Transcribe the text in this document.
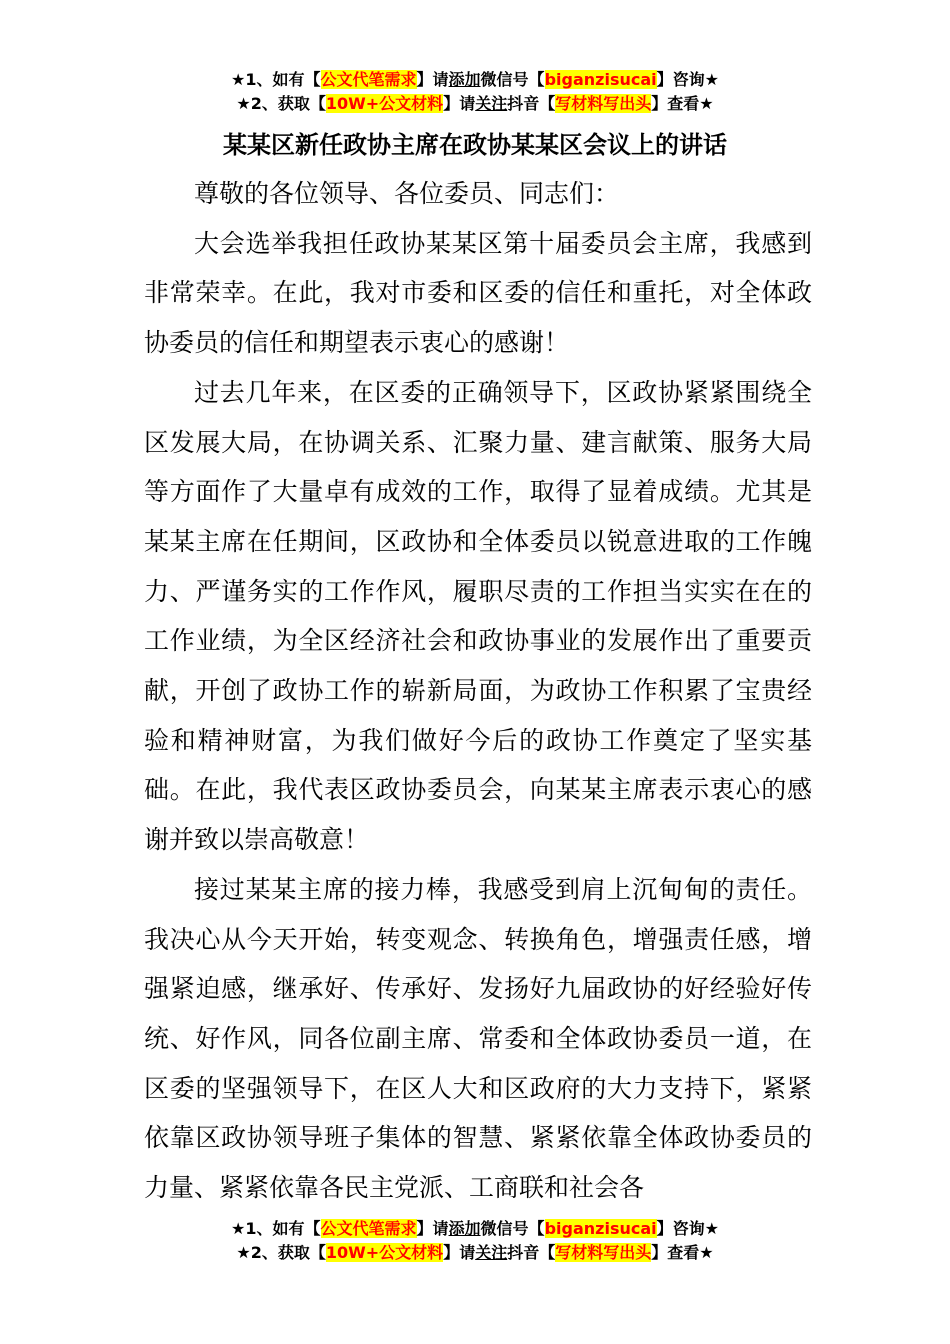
★1、如有【公文代笔需求】请添加微信号【biganzisucai】咨询★
★2、获取【10W+公文材料】请关注抖音【写材料写出头】查看★
某某区新任政协主席在政协某某区会议上的讲话

尊敬的各位领导、各位委员、同志们：

大会选举我担任政协某某区第十届委员会主席，我感到非常荣幸。在此，我对市委和区委的信任和重托，对全体政协委员的信任和期望表示衷心的感谢！

过去几年来，在区委的正确领导下，区政协紧紧围绕全区发展大局，在协调关系、汇聚力量、建言献策、服务大局等方面作了大量卓有成效的工作，取得了显着成绩。尤其是某某主席在任期间，区政协和全体委员以锐意进取的工作魄力、严谨务实的工作作风，履职尽责的工作担当实实在在的工作业绩，为全区经济社会和政协事业的发展作出了重要贡献，开创了政协工作的崭新局面，为政协工作积累了宝贵经验和精神财富，为我们做好今后的政协工作奠定了坚实基础。在此，我代表区政协委员会，向某某主席表示衷心的感谢并致以崇高敬意！

接过某某主席的接力棒，我感受到肩上沉甸甸的责任。我决心从今天开始，转变观念、转换角色，增强责任感，增强紧迫感，继承好、传承好、发扬好九届政协的好经验好传统、好作风，同各位副主席、常委和全体政协委员一道，在区委的坚强领导下，在区人大和区政府的大力支持下，紧紧依靠区政协领导班子集体的智慧、紧紧依靠全体政协委员的力量、紧紧依靠各民主党派、工商联和社会各

★1、如有【公文代笔需求】请添加微信号【biganzisucai】咨询★
★2、获取【10W+公文材料】请关注抖音【写材料写出头】查看★
